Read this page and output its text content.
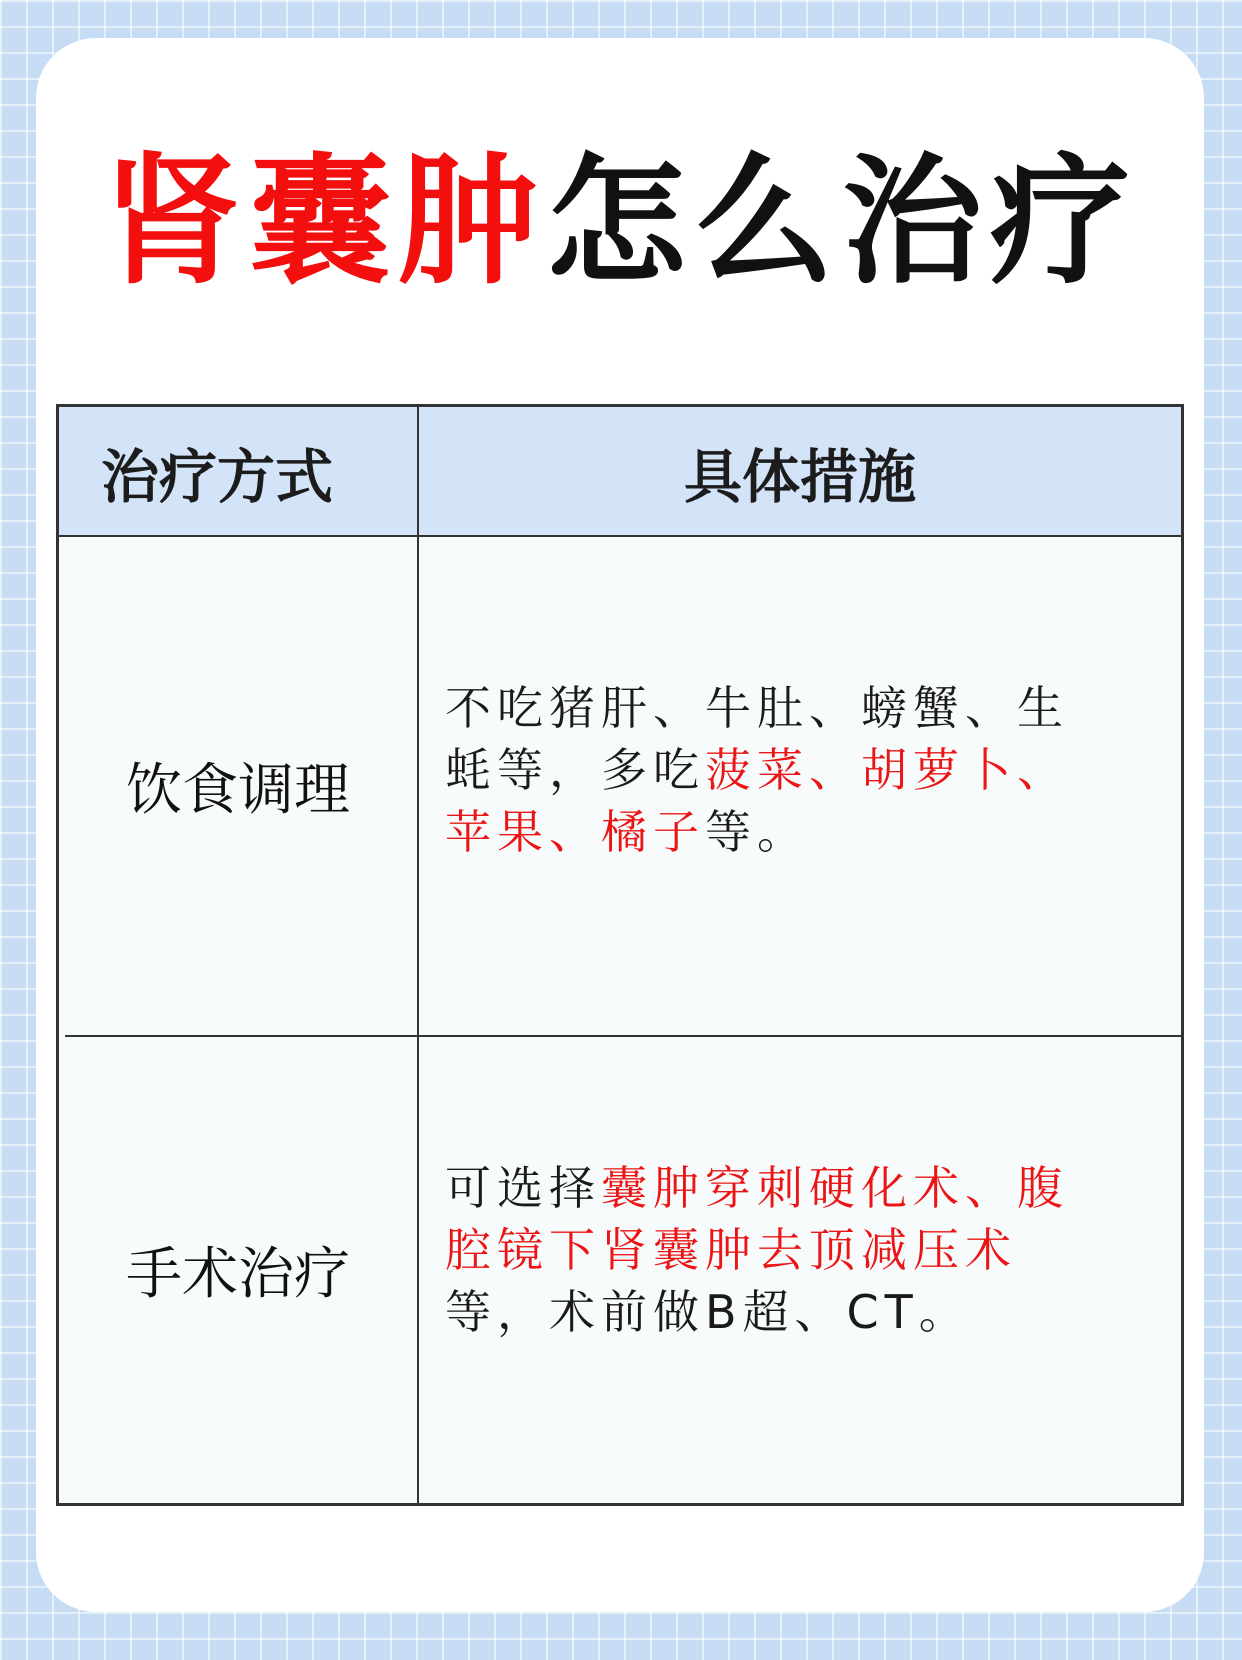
肾囊肿怎么治疗
治疗方式	具体措施
饮食调理
不吃猪肝、牛肚、螃蟹、生
蚝等，多吃菠菜、胡萝卜、
苹果、橘子等。
手术治疗
可选择囊肿穿刺硬化术、腹
腔镜下肾囊肿去顶减压术
等，术前做B超、CT。
